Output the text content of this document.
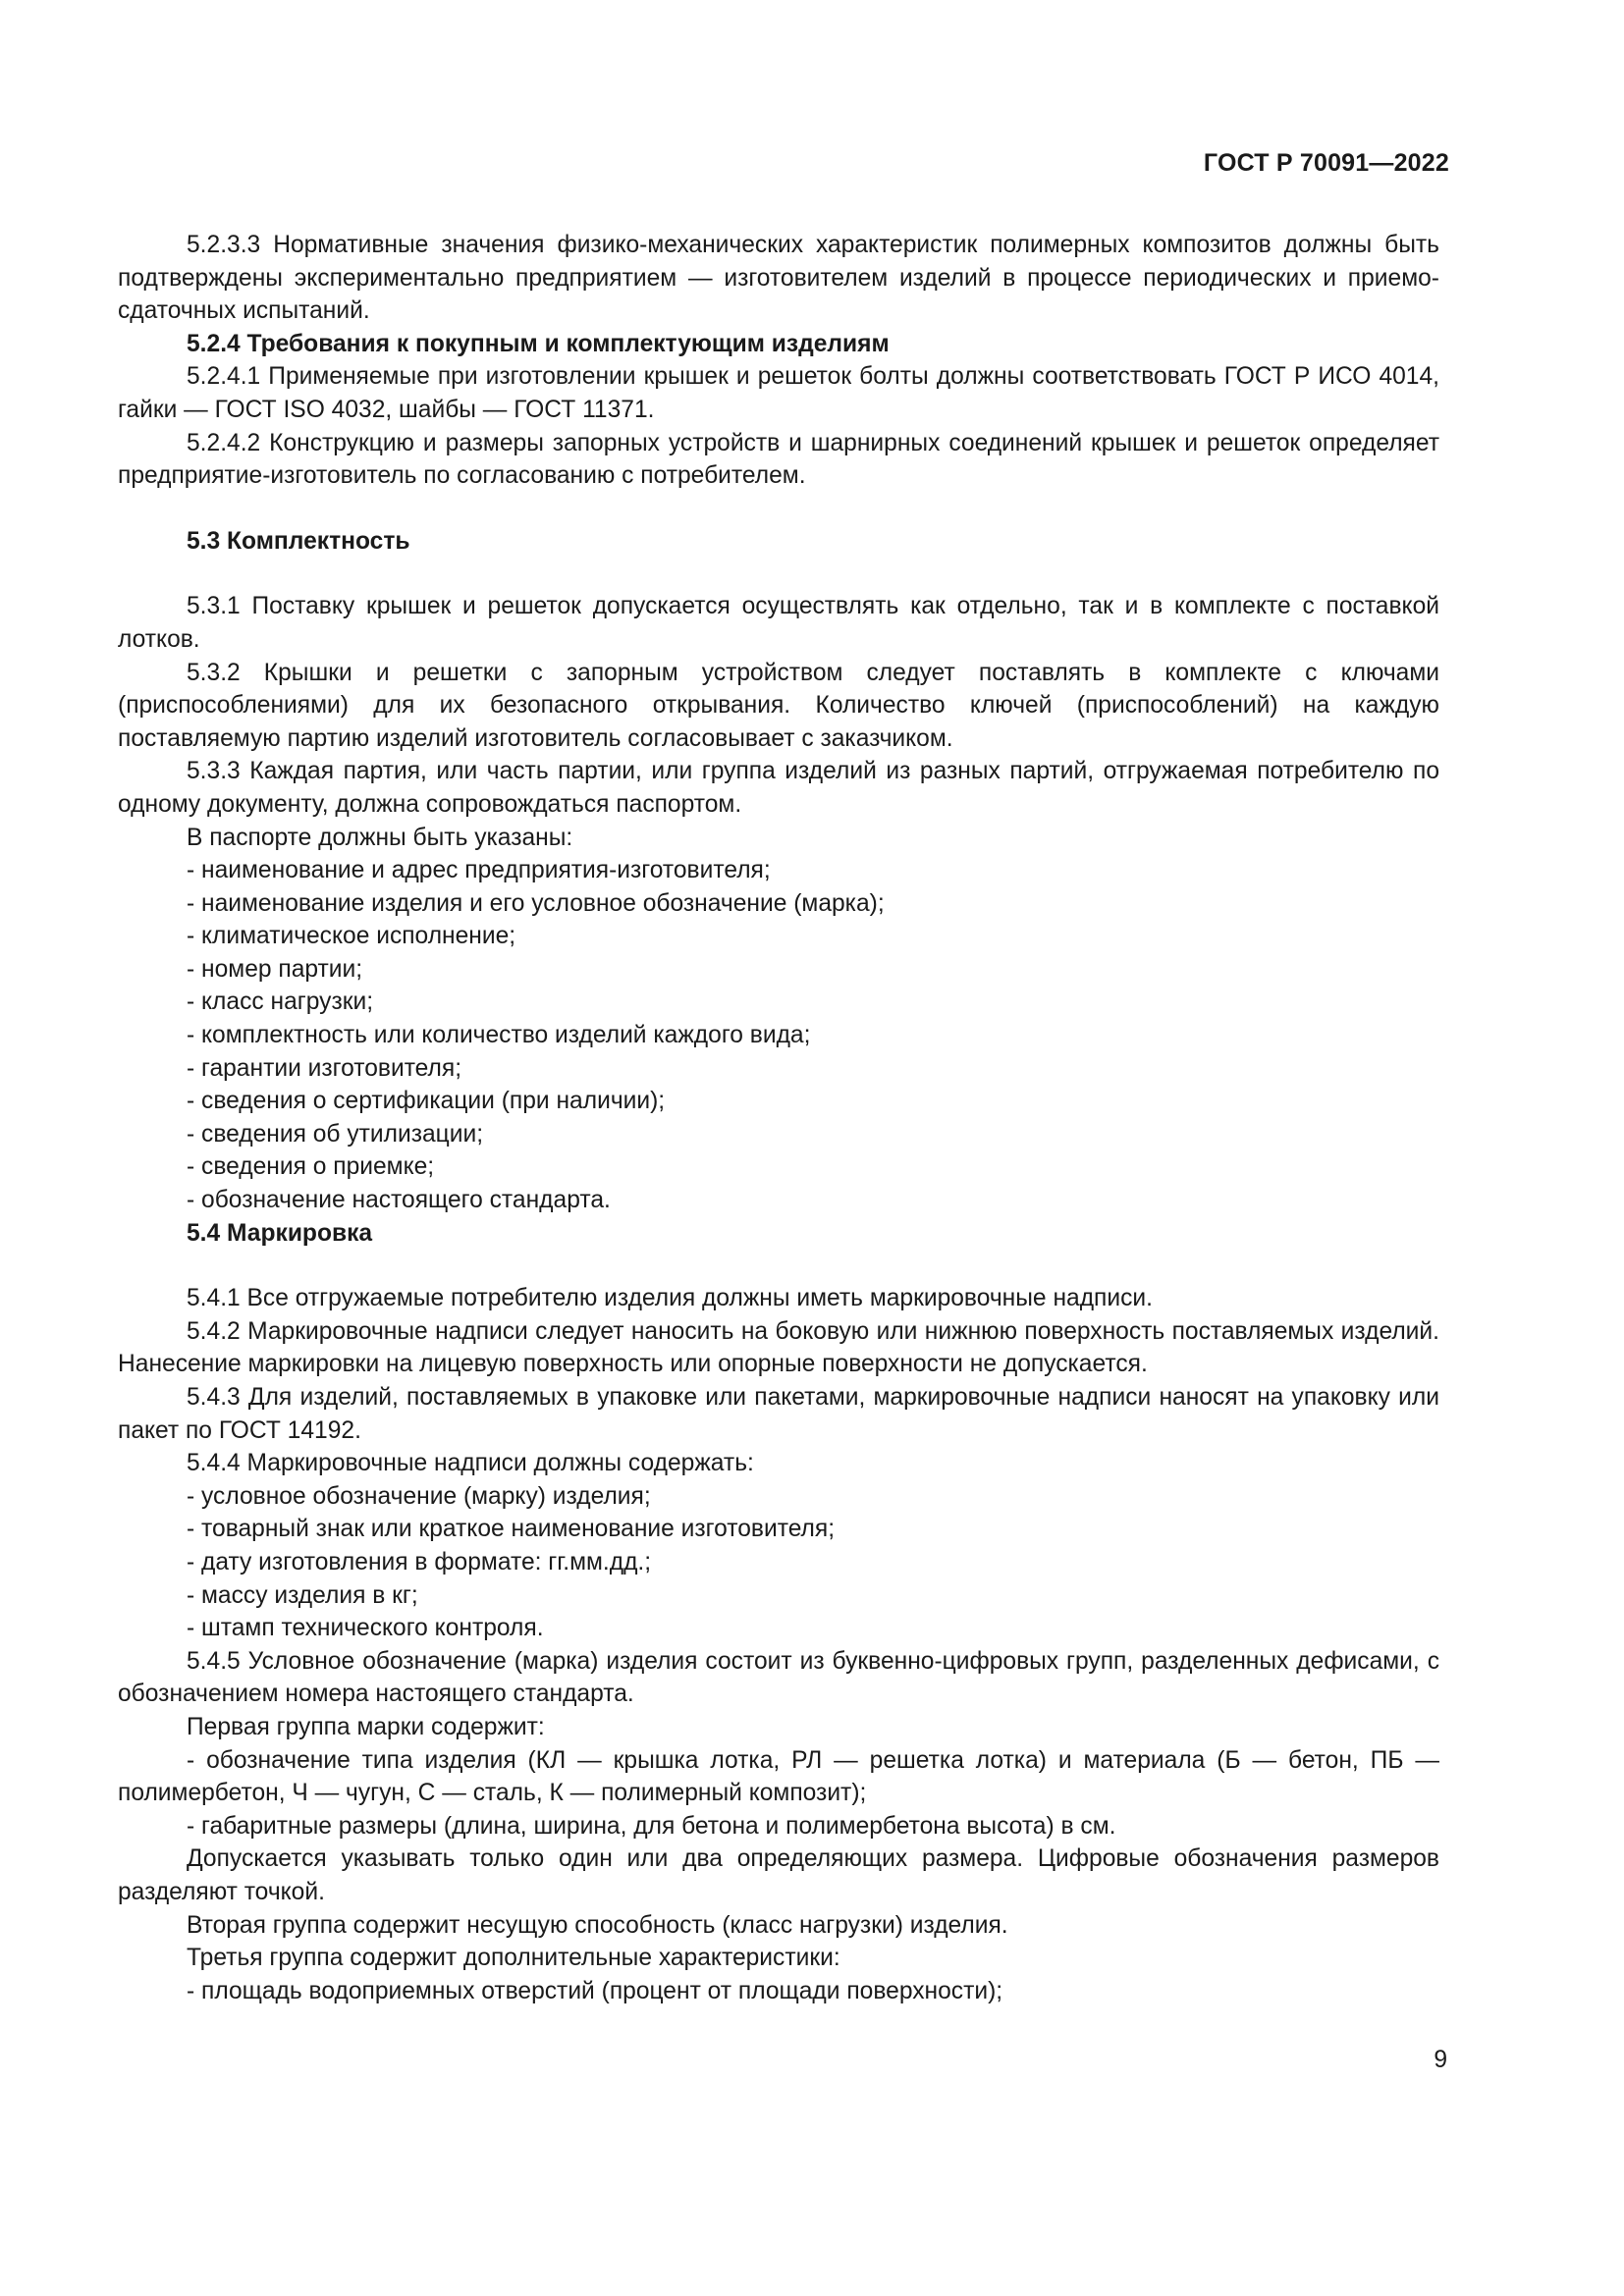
ГОСТ Р 70091—2022

5.2.3.3 Нормативные значения физико-механических характеристик полимерных композитов должны быть подтверждены экспериментально предприятием — изготовителем изделий в процессе периодических и приемо-сдаточных испытаний.

5.2.4 Требования к покупным и комплектующим изделиям

5.2.4.1 Применяемые при изготовлении крышек и решеток болты должны соответствовать ГОСТ Р ИСО 4014, гайки — ГОСТ ISO 4032, шайбы — ГОСТ 11371.

5.2.4.2 Конструкцию и размеры запорных устройств и шарнирных соединений крышек и решеток определяет предприятие-изготовитель по согласованию с потребителем.

5.3 Комплектность

5.3.1 Поставку крышек и решеток допускается осуществлять как отдельно, так и в комплекте с поставкой лотков.

5.3.2 Крышки и решетки с запорным устройством следует поставлять в комплекте с ключами (приспособлениями) для их безопасного открывания. Количество ключей (приспособлений) на каждую поставляемую партию изделий изготовитель согласовывает с заказчиком.

5.3.3 Каждая партия, или часть партии, или группа изделий из разных партий, отгружаемая потребителю по одному документу, должна сопровождаться паспортом.

В паспорте должны быть указаны:

- наименование и адрес предприятия-изготовителя;

- наименование изделия и его условное обозначение (марка);

- климатическое исполнение;

- номер партии;

- класс нагрузки;

- комплектность или количество изделий каждого вида;

- гарантии изготовителя;

- сведения о сертификации (при наличии);

- сведения об утилизации;

- сведения о приемке;

- обозначение настоящего стандарта.

5.4 Маркировка

5.4.1 Все отгружаемые потребителю изделия должны иметь маркировочные надписи.

5.4.2 Маркировочные надписи следует наносить на боковую или нижнюю поверхность поставляемых изделий. Нанесение маркировки на лицевую поверхность или опорные поверхности не допускается.

5.4.3 Для изделий, поставляемых в упаковке или пакетами, маркировочные надписи наносят на упаковку или пакет по ГОСТ 14192.

5.4.4 Маркировочные надписи должны содержать:

- условное обозначение (марку) изделия;

- товарный знак или краткое наименование изготовителя;

- дату изготовления в формате: гг.мм.дд.;

- массу изделия в кг;

- штамп технического контроля.

5.4.5 Условное обозначение (марка) изделия состоит из буквенно-цифровых групп, разделенных дефисами, с обозначением номера настоящего стандарта.

Первая группа марки содержит:

- обозначение типа изделия (КЛ — крышка лотка, РЛ — решетка лотка) и материала (Б — бетон, ПБ — полимербетон, Ч — чугун, С — сталь, К — полимерный композит);

- габаритные размеры (длина, ширина, для бетона и полимербетона высота) в см.

Допускается указывать только один или два определяющих размера. Цифровые обозначения размеров разделяют точкой.

Вторая группа содержит несущую способность (класс нагрузки) изделия.

Третья группа содержит дополнительные характеристики:

- площадь водоприемных отверстий (процент от площади поверхности);

9
